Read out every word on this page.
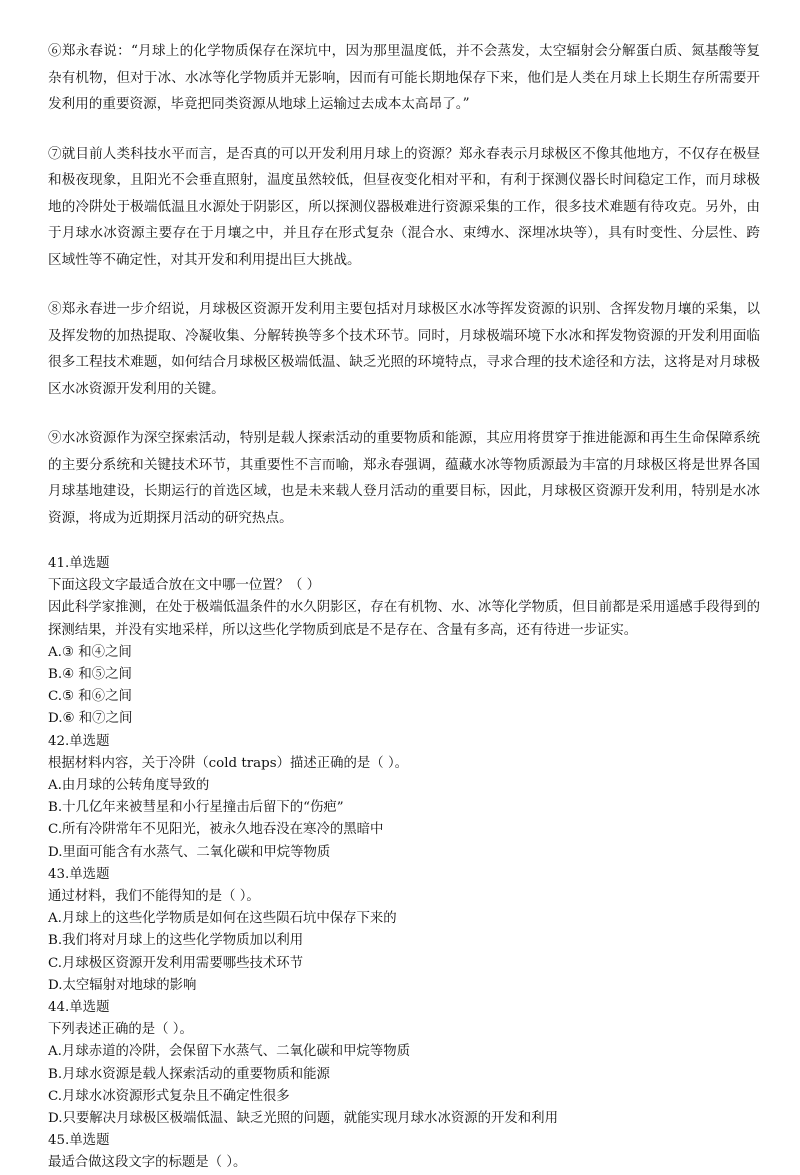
⑥郑永春说：“月球上的化学物质保存在深坑中，因为那里温度低，并不会蒸发，太空辐射会分解蛋白质、氮基酸等复杂有机物，但对于冰、水冰等化学物质并无影响，因而有可能长期地保存下来，他们是人类在月球上长期生存所需要开发利用的重要资源，毕竟把同类资源从地球上运输过去成本太高昂了。”

⑦就目前人类科技水平而言，是否真的可以开发利用月球上的资源？郑永春表示月球极区不像其他地方，不仅存在极昼和极夜现象，且阳光不会垂直照射，温度虽然较低，但昼夜变化相对平和，有利于探测仪器长时间稳定工作，而月球极地的冷阱处于极端低温且水源处于阴影区，所以探测仪器极难进行资源采集的工作，很多技术难题有待攻克。另外，由于月球水冰资源主要存在于月壤之中，并且存在形式复杂（混合水、束缚水、深埋冰块等），具有时变性、分层性、跨区域性等不确定性，对其开发和利用提出巨大挑战。

⑧郑永春进一步介绍说，月球极区资源开发利用主要包括对月球极区水冰等挥发资源的识别、含挥发物月壤的采集，以及挥发物的加热提取、冷凝收集、分解转换等多个技术环节。同时，月球极端环境下水冰和挥发物资源的开发利用面临很多工程技术难题，如何结合月球极区极端低温、缺乏光照的环境特点，寻求合理的技术途径和方法，这将是对月球极区水冰资源开发利用的关键。

⑨水冰资源作为深空探索活动，特别是载人探索活动的重要物质和能源，其应用将贯穿于推进能源和再生生命保障系统的主要分系统和关键技术环节，其重要性不言而喻，郑永春强调，蕴藏水冰等物质源最为丰富的月球极区将是世界各国月球基地建设，长期运行的首选区域，也是未来载人登月活动的重要目标，因此，月球极区资源开发利用，特别是水冰资源，将成为近期探月活动的研究热点。

41.单选题

下面这段文字最适合放在文中哪一位置？（ ）

因此科学家推测，在处于极端低温条件的水久阴影区，存在有机物、水、冰等化学物质，但目前都是采用遥感手段得到的探测结果，并没有实地采样，所以这些化学物质到底是不是存在、含量有多高，还有待进一步证实。

A.③ 和④之间

B.④ 和⑤之间

C.⑤ 和⑥之间

D.⑥ 和⑦之间

42.单选题

根据材料内容，关于冷阱（cold traps）描述正确的是（ ）。

A.由月球的公转角度导致的

B.十几亿年来被彗星和小行星撞击后留下的“伤疤”

C.所有冷阱常年不见阳光，被永久地吞没在寒冷的黑暗中

D.里面可能含有水蒸气、二氧化碳和甲烷等物质

43.单选题

通过材料，我们不能得知的是（ ）。

A.月球上的这些化学物质是如何在这些陨石坑中保存下来的

B.我们将对月球上的这些化学物质加以利用

C.月球极区资源开发利用需要哪些技术环节

D.太空辐射对地球的影响

44.单选题

下列表述正确的是（ ）。

A.月球赤道的冷阱，会保留下水蒸气、二氧化碳和甲烷等物质

B.月球水资源是载人探索活动的重要物质和能源

C.月球水冰资源形式复杂且不确定性很多

D.只要解决月球极区极端低温、缺乏光照的问题，就能实现月球水冰资源的开发和利用

45.单选题

最适合做这段文字的标题是（ ）。
